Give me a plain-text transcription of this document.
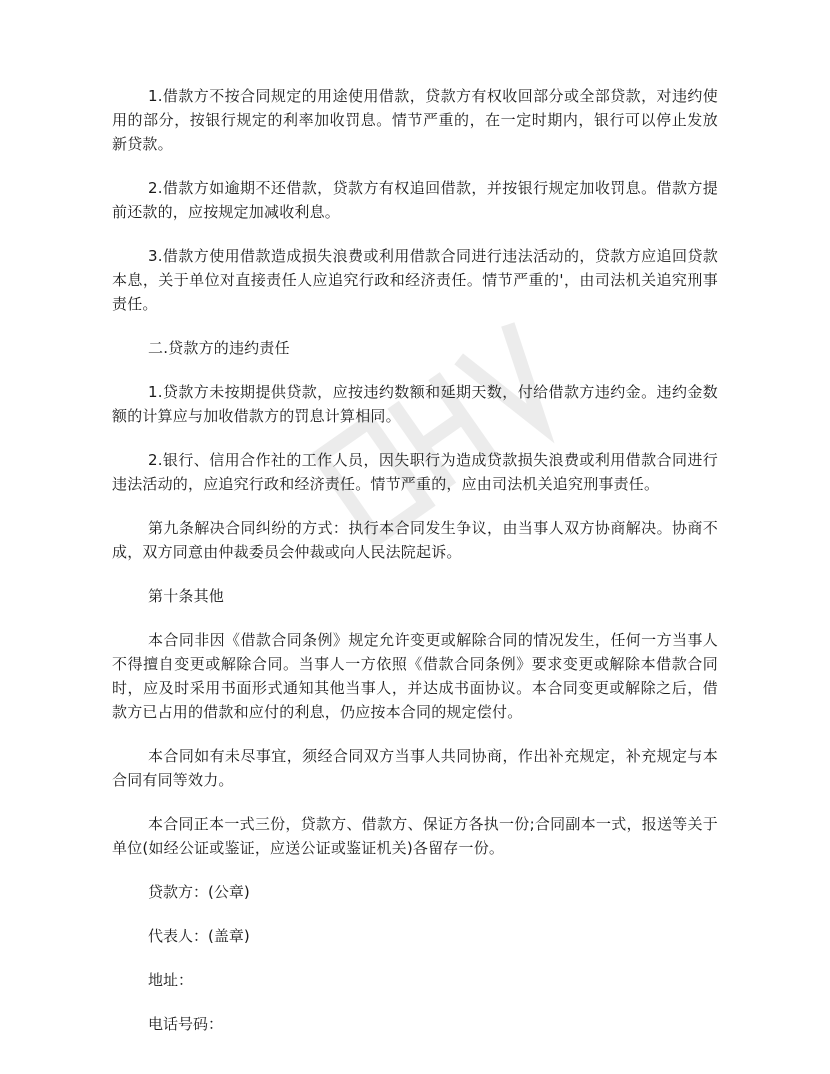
1.借款方不按合同规定的用途使用借款，贷款方有权收回部分或全部贷款，对违约使用的部分，按银行规定的利率加收罚息。情节严重的，在一定时期内，银行可以停止发放新贷款。

2.借款方如逾期不还借款，贷款方有权追回借款，并按银行规定加收罚息。借款方提前还款的，应按规定加减收利息。

3.借款方使用借款造成损失浪费或利用借款合同进行违法活动的，贷款方应追回贷款本息，关于单位对直接责任人应追究行政和经济责任。情节严重的'，由司法机关追究刑事责任。

二.贷款方的违约责任

1.贷款方未按期提供贷款，应按违约数额和延期天数，付给借款方违约金。违约金数额的计算应与加收借款方的罚息计算相同。

2.银行、信用合作社的工作人员，因失职行为造成贷款损失浪费或利用借款合同进行违法活动的，应追究行政和经济责任。情节严重的，应由司法机关追究刑事责任。

第九条解决合同纠纷的方式：执行本合同发生争议，由当事人双方协商解决。协商不成，双方同意由仲裁委员会仲裁或向人民法院起诉。

第十条其他

本合同非因《借款合同条例》规定允许变更或解除合同的情况发生，任何一方当事人不得擅自变更或解除合同。当事人一方依照《借款合同条例》要求变更或解除本借款合同时，应及时采用书面形式通知其他当事人，并达成书面协议。本合同变更或解除之后，借款方已占用的借款和应付的利息，仍应按本合同的规定偿付。

本合同如有未尽事宜，须经合同双方当事人共同协商，作出补充规定，补充规定与本合同有同等效力。

本合同正本一式三份，贷款方、借款方、保证方各执一份;合同副本一式，报送等关于单位(如经公证或鉴证，应送公证或鉴证机关)各留存一份。

贷款方：(公章)
代表人：(盖章)
地址：
电话号码：
